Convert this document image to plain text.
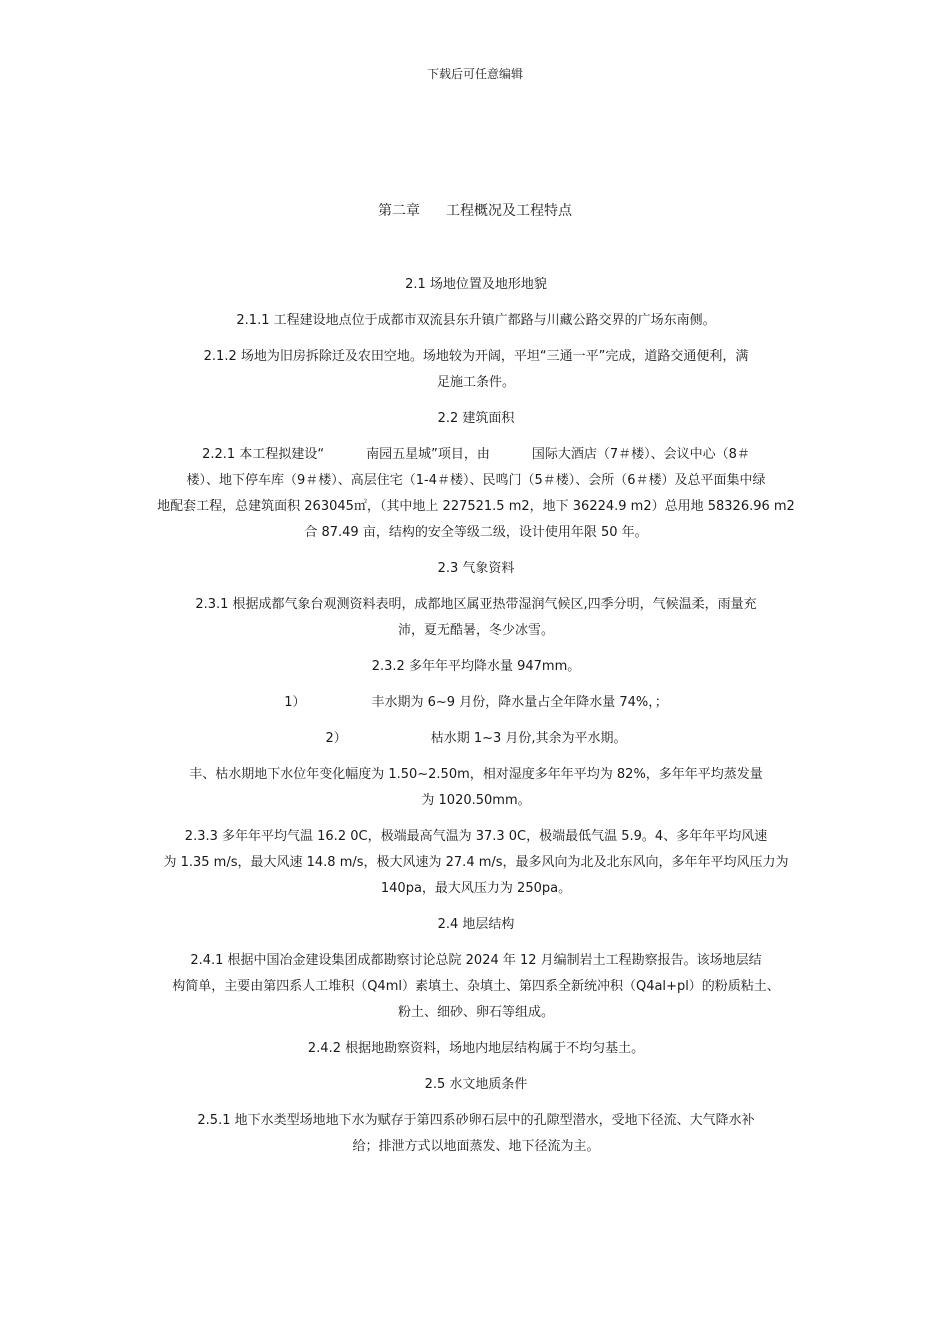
下载后可任意编辑
第二章 工程概况及工程特点

2.1 场地位置及地形地貌

2.1.1 工程建设地点位于成都市双流县东升镇广都路与川藏公路交界的广场东南侧。

2.1.2 场地为旧房拆除迁及农田空地。场地较为开阔，平坦“三通一平”完成，道路交通便利，满

足施工条件。

2.2 建筑面积

2.2.1 本工程拟建设“	南园五星城”项目，由	国际大酒店（7＃楼）、会议中心（8＃

楼）、地下停车库（9＃楼）、高层住宅（1-4＃楼）、民鸣门（5＃楼）、会所（6＃楼）及总平面集中绿

地配套工程，总建筑面积 263045㎡，（其中地上 227521.5 m2，地下 36224.9 m2）总用地 58326.96 m2

合 87.49 亩，结构的安全等级二级，设计使用年限 50 年。

2.3 气象资料

2.3.1 根据成都气象台观测资料表明，成都地区属亚热带湿润气候区,四季分明，气候温柔，雨量充

沛，夏无酷暑，冬少冰雪。

2.3.2 多年年平均降水量 947mm。

1）	丰水期为 6~9 月份，降水量占全年降水量 74%，；

2）	枯水期 1~3 月份,其余为平水期。

丰、枯水期地下水位年变化幅度为 1.50~2.50m，相对湿度多年年平均为 82%，多年年平均蒸发量

为 1020.50mm。

2.3.3 多年年平均气温 16.2 0C，极端最高气温为 37.3 0C，极端最低气温 5.9。4、多年年平均风速

为 1.35 m/s，最大风速 14.8 m/s，极大风速为 27.4 m/s，最多风向为北及北东风向，多年年平均风压力为

140pa，最大风压力为 250pa。

2.4 地层结构

2.4.1 根据中国冶金建设集团成都勘察讨论总院 2024 年 12 月编制岩土工程勘察报告。该场地层结

构简单，主要由第四系人工堆积（Q4ml）素填土、杂填土、第四系全新统冲积（Q4al+pl）的粉质粘土、

粉土、细砂、卵石等组成。

2.4.2 根据地勘察资料，场地内地层结构属于不均匀基土。

2.5 水文地质条件

2.5.1 地下水类型场地地下水为赋存于第四系砂卵石层中的孔隙型潜水，受地下径流、大气降水补

给；排泄方式以地面蒸发、地下径流为主。
